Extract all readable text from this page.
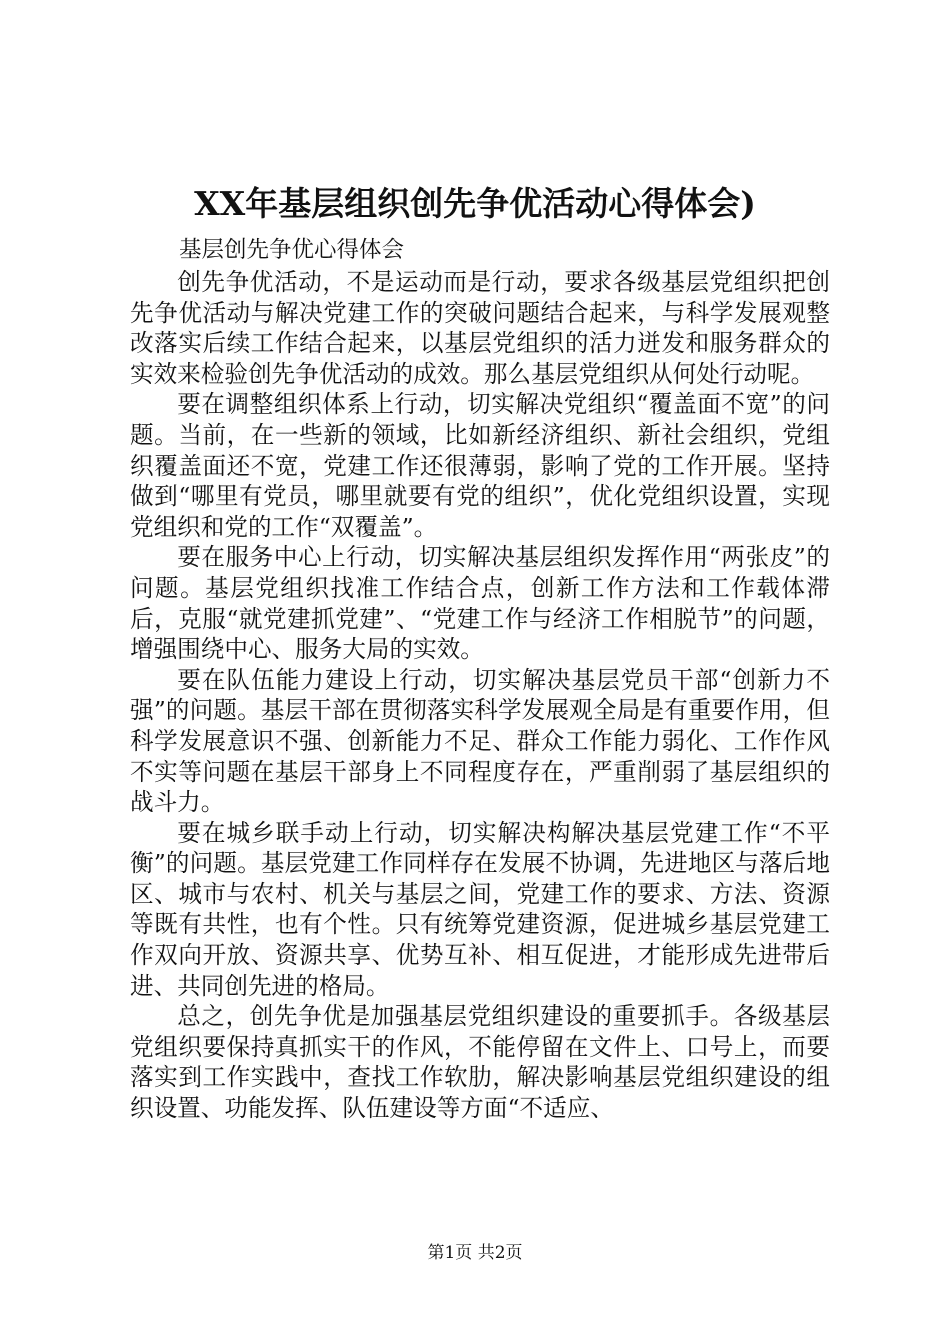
XX年基层组织创先争优活动心得体会)
基层创先争优心得体会

创先争优活动，不是运动而是行动，要求各级基层党组织把创先争优活动与解决党建工作的突破问题结合起来，与科学发展观整改落实后续工作结合起来，以基层党组织的活力迸发和服务群众的实效来检验创先争优活动的成效。那么基层党组织从何处行动呢。

要在调整组织体系上行动，切实解决党组织“覆盖面不宽”的问题。当前，在一些新的领域，比如新经济组织、新社会组织，党组织覆盖面还不宽，党建工作还很薄弱，影响了党的工作开展。坚持做到“哪里有党员，哪里就要有党的组织”，优化党组织设置，实现党组织和党的工作“双覆盖”。

要在服务中心上行动，切实解决基层组织发挥作用“两张皮”的问题。基层党组织找准工作结合点，创新工作方法和工作载体滞后，克服“就党建抓党建”、“党建工作与经济工作相脱节”的问题，增强围绕中心、服务大局的实效。

要在队伍能力建设上行动，切实解决基层党员干部“创新力不强”的问题。基层干部在贯彻落实科学发展观全局是有重要作用，但科学发展意识不强、创新能力不足、群众工作能力弱化、工作作风不实等问题在基层干部身上不同程度存在，严重削弱了基层组织的战斗力。

要在城乡联手动上行动，切实解决构解决基层党建工作“不平衡”的问题。基层党建工作同样存在发展不协调，先进地区与落后地区、城市与农村、机关与基层之间，党建工作的要求、方法、资源等既有共性，也有个性。只有统筹党建资源，促进城乡基层党建工作双向开放、资源共享、优势互补、相互促进，才能形成先进带后进、共同创先进的格局。

总之，创先争优是加强基层党组织建设的重要抓手。各级基层党组织要保持真抓实干的作风，不能停留在文件上、口号上，而要落实到工作实践中，查找工作软肋，解决影响基层党组织建设的组织设置、功能发挥、队伍建设等方面“不适应、

第1页 共2页
